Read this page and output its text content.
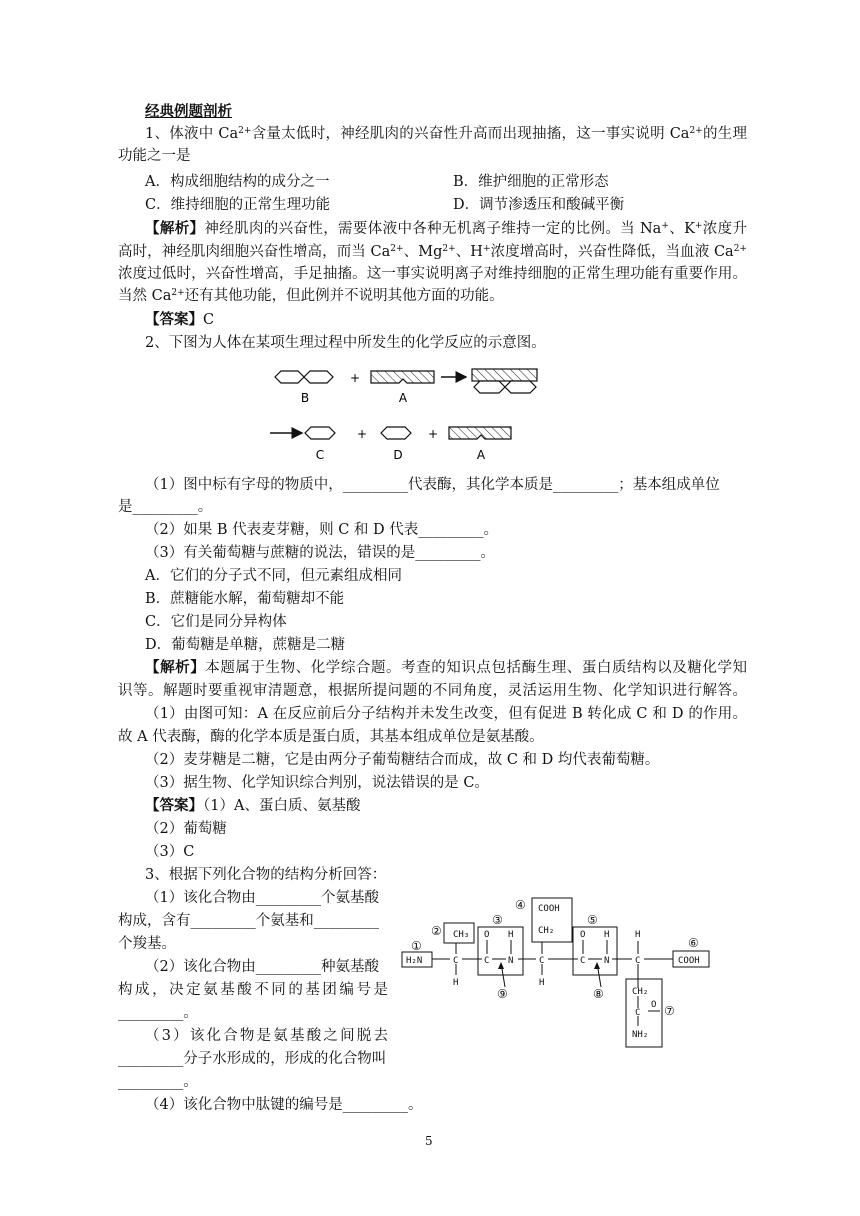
经典例题剖析
1、体液中 $Ca^{2+}$含量太低时，神经肌肉的兴奋性升高而出现抽搐，这一事实说明 $Ca^{2+}$的生理
功能之一是
A．构成细胞结构的成分之一	B．维护细胞的正常形态
C．维持细胞的正常生理功能	D．调节渗透压和酸碱平衡
【解析】神经肌肉的兴奋性，需要体液中各种无机离子维持一定的比例。当 Na+、K+浓度升
高时，神经肌肉细胞兴奋性增高，而当 $Ca^{2+}$、$Mg^{2+}$、H+浓度增高时，兴奋性降低，当血液 $Ca^{2+}$
浓度过低时，兴奋性增高，手足抽搐。这一事实说明离子对维持细胞的正常生理功能有重要作用。
当然 $Ca^{2+}$还有其他功能，但此例并不说明其他方面的功能。
【答案】C
2、下图为人体在某项生理过程中所发生的化学反应的示意图。
B
+
A
C
+
D
+
A
（1）图中标有字母的物质中，_________代表酶，其化学本质是_________；基本组成单位
是_________。
（2）如果 B 代表麦芽糖，则 C 和 D 代表_________。
（3）有关葡萄糖与蔗糖的说法，错误的是_________。
A．它们的分子式不同，但元素组成相同
B．蔗糖能水解，葡萄糖却不能
C．它们是同分异构体
D．葡萄糖是单糖，蔗糖是二糖
【解析】本题属于生物、化学综合题。考查的知识点包括酶生理、蛋白质结构以及糖化学知
识等。解题时要重视审清题意，根据所提问题的不同角度，灵活运用生物、化学知识进行解答。
（1）由图可知：A 在反应前后分子结构并未发生改变，但有促进 B 转化成 C 和 D 的作用。
故 A 代表酶，酶的化学本质是蛋白质，其基本组成单位是氨基酸。
（2）麦芽糖是二糖，它是由两分子葡萄糖结合而成，故 C 和 D 均代表葡萄糖。
（3）据生物、化学知识综合判别，说法错误的是 C。
【答案】（1）A、蛋白质、氨基酸
（2）葡萄糖
（3）C
3、根据下列化合物的结构分析回答：
（1）该化合物由_________个氨基酸
构成，含有_________个氨基和_________
个羧基。
（2）该化合物由_________种氨基酸
构成，决定氨基酸不同的基团编号是
_________。
（3）该化合物是氨基酸之间脱去
_________分子水形成的，形成的化合物叫
_________。
（4）该化合物中肽键的编号是_________。
H₂N
CH₃
C
H
O H
C N
COOH
CH₂
C
H
O H
C N
H
C	COOH
CH₂
C
O
NH₂
①
②
③
④
⑤
⑥
⑦
⑧
⑨
5
